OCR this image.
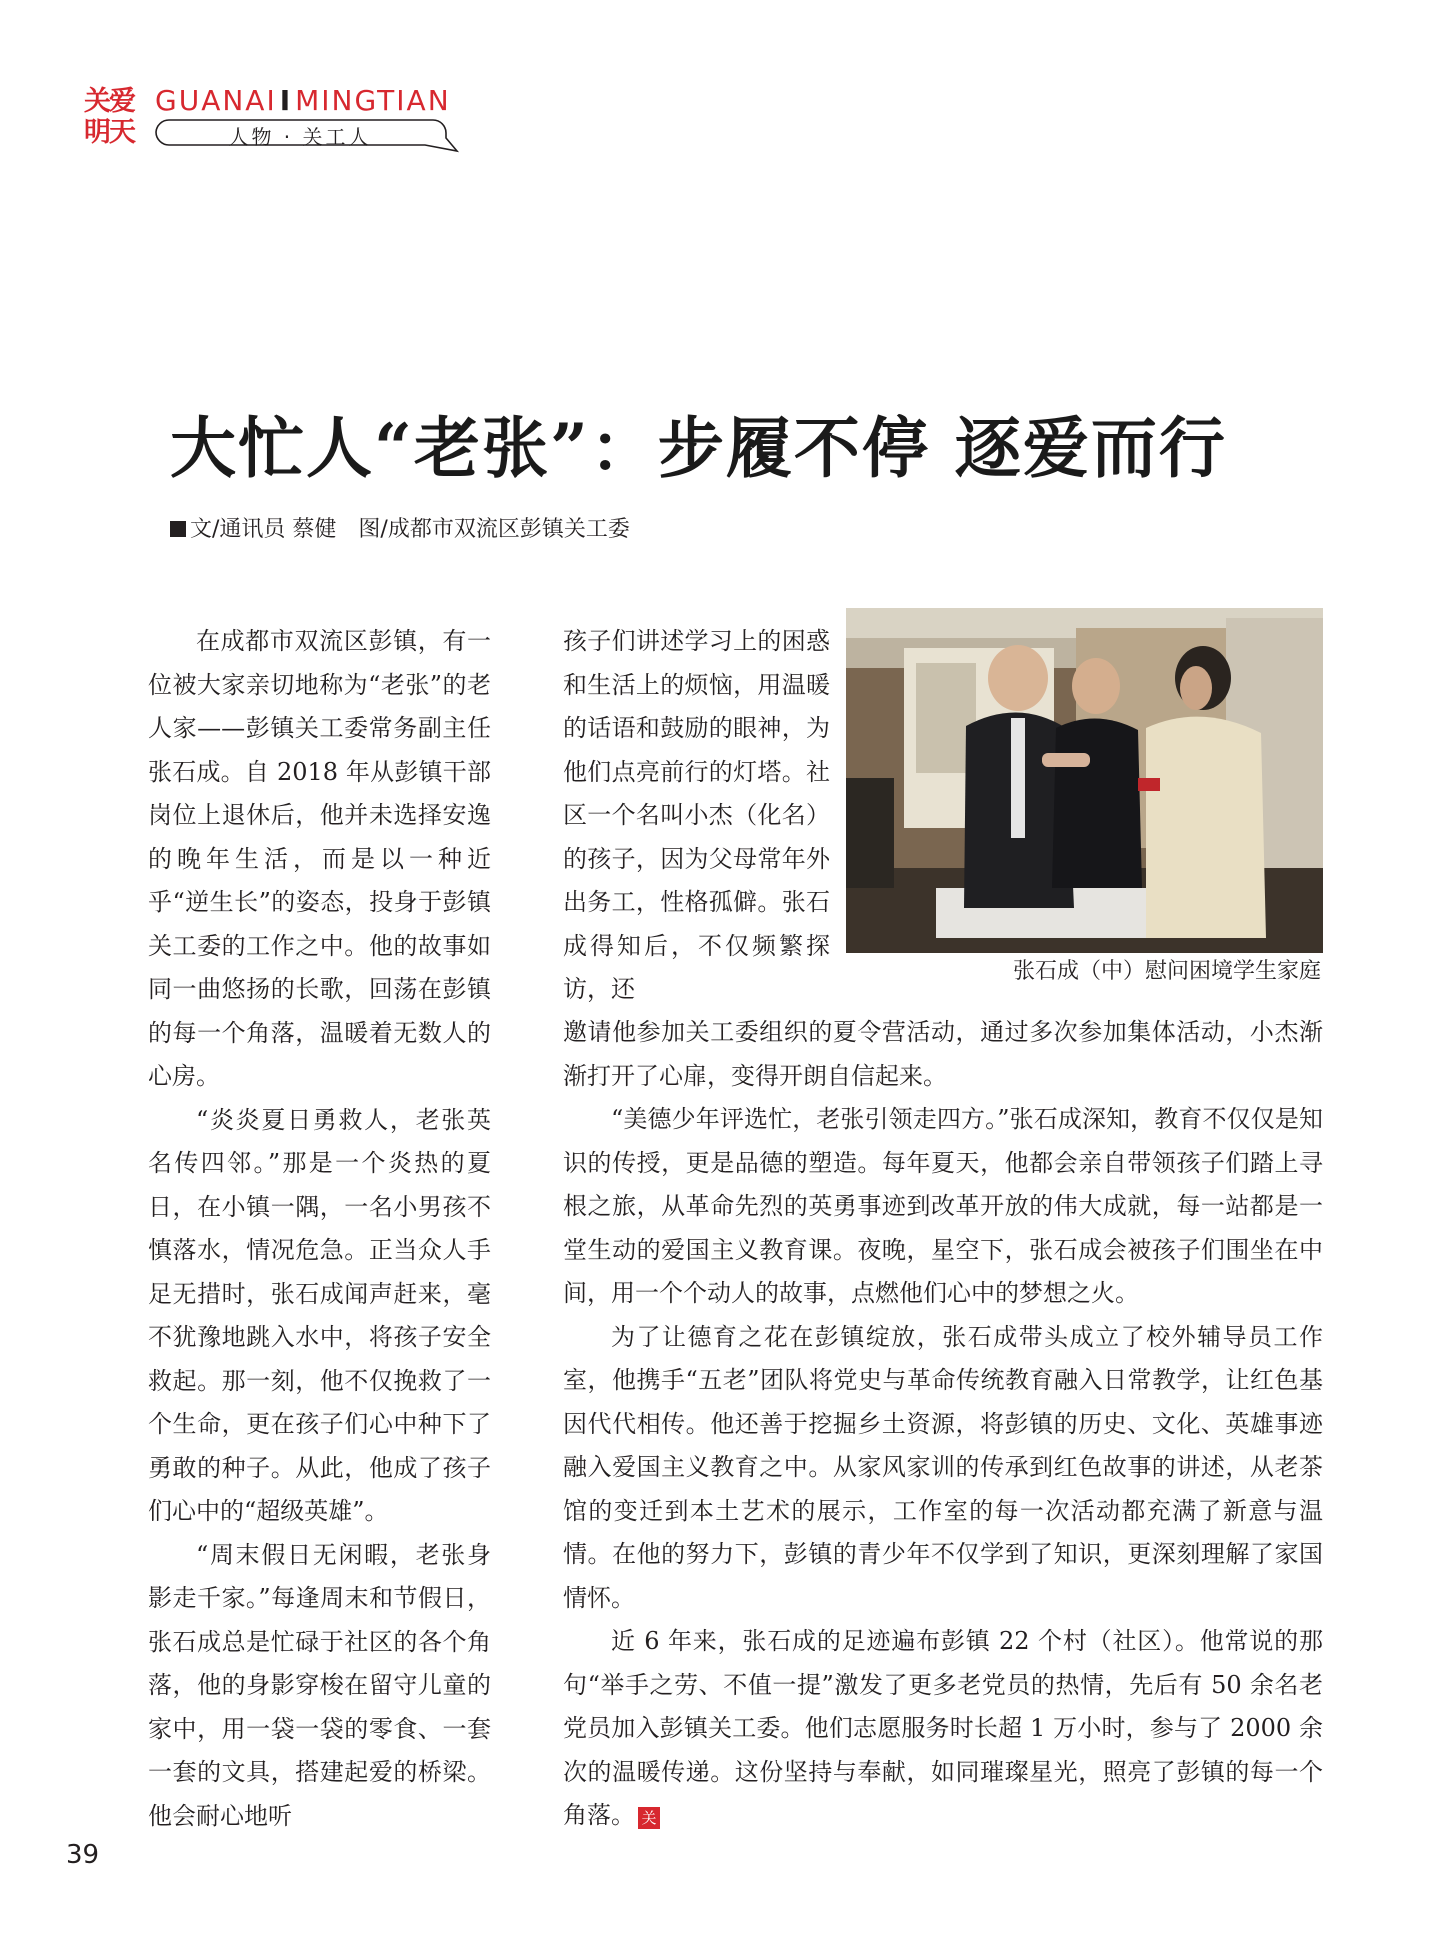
关爱
明天
GUANAI I MINGTIAN
人物 · 关工人
大忙人“老张”：步履不停 逐爱而行
文/通讯员 蔡健 图/成都市双流区彭镇关工委

在成都市双流区彭镇，有一位被大家亲切地称为“老张”的老人家——彭镇关工委常务副主任张石成。自 2018 年从彭镇干部岗位上退休后，他并未选择安逸的晚年生活，而是以一种近乎“逆生长”的姿态，投身于彭镇关工委的工作之中。他的故事如同一曲悠扬的长歌，回荡在彭镇的每一个角落，温暖着无数人的心房。

“炎炎夏日勇救人，老张英名传四邻。”那是一个炎热的夏日，在小镇一隅，一名小男孩不慎落水，情况危急。正当众人手足无措时，张石成闻声赶来，毫不犹豫地跳入水中，将孩子安全救起。那一刻，他不仅挽救了一个生命，更在孩子们心中种下了勇敢的种子。从此，他成了孩子们心中的“超级英雄”。

“周末假日无闲暇，老张身影走千家。”每逢周末和节假日，张石成总是忙碌于社区的各个角落，他的身影穿梭在留守儿童的家中，用一袋一袋的零食、一套一套的文具，搭建起爱的桥梁。他会耐心地听

孩子们讲述学习上的困惑和生活上的烦恼，用温暖的话语和鼓励的眼神，为他们点亮前行的灯塔。社区一个名叫小杰（化名）的孩子，因为父母常年外出务工，性格孤僻。张石成得知后，不仅频繁探访，还

张石成（中）慰问困境学生家庭

邀请他参加关工委组织的夏令营活动，通过多次参加集体活动，小杰渐渐打开了心扉，变得开朗自信起来。

“美德少年评选忙，老张引领走四方。”张石成深知，教育不仅仅是知识的传授，更是品德的塑造。每年夏天，他都会亲自带领孩子们踏上寻根之旅，从革命先烈的英勇事迹到改革开放的伟大成就，每一站都是一堂生动的爱国主义教育课。夜晚，星空下，张石成会被孩子们围坐在中间，用一个个动人的故事，点燃他们心中的梦想之火。

为了让德育之花在彭镇绽放，张石成带头成立了校外辅导员工作室，他携手“五老”团队将党史与革命传统教育融入日常教学，让红色基因代代相传。他还善于挖掘乡土资源，将彭镇的历史、文化、英雄事迹融入爱国主义教育之中。从家风家训的传承到红色故事的讲述，从老茶馆的变迁到本土艺术的展示，工作室的每一次活动都充满了新意与温情。在他的努力下，彭镇的青少年不仅学到了知识，更深刻理解了家国情怀。

近 6 年来，张石成的足迹遍布彭镇 22 个村（社区）。他常说的那句“举手之劳、不值一提”激发了更多老党员的热情，先后有 50 余名老党员加入彭镇关工委。他们志愿服务时长超 1 万小时，参与了 2000 余次的温暖传递。这份坚持与奉献，如同璀璨星光，照亮了彭镇的每一个角落。 关

39
